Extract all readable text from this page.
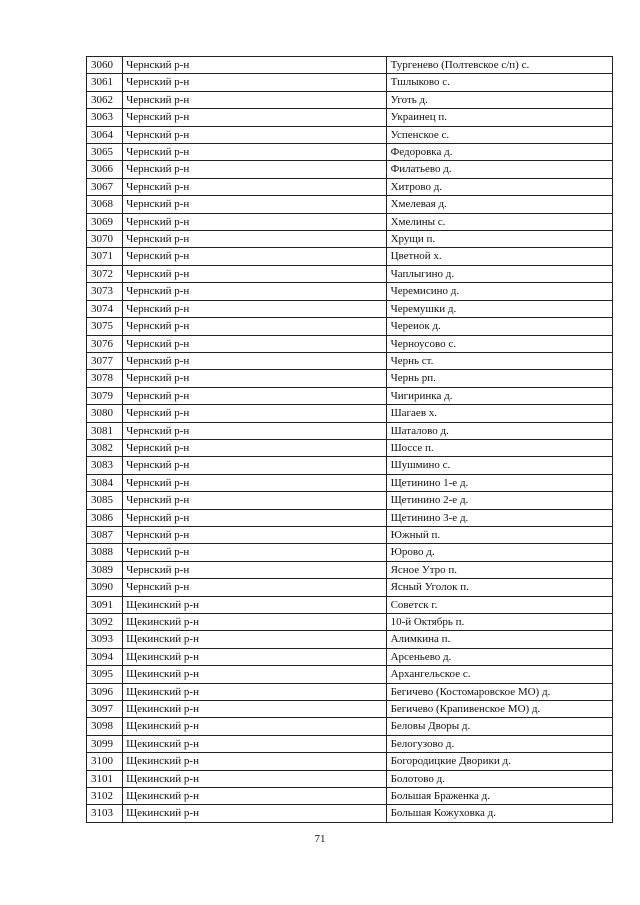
3060	Чернский р-н	Тургенево (Полтевское с/п) с.
3061	Чернский р-н	Тшлыково с.
3062	Чернский р-н	Уготь д.
3063	Чернский р-н	Украинец п.
3064	Чернский р-н	Успенское с.
3065	Чернский р-н	Федоровка д.
3066	Чернский р-н	Филатьево д.
3067	Чернский р-н	Хитрово д.
3068	Чернский р-н	Хмелевая д.
3069	Чернский р-н	Хмелины с.
3070	Чернский р-н	Хрущи п.
3071	Чернский р-н	Цветной х.
3072	Чернский р-н	Чаплыгино д.
3073	Чернский р-н	Черемисино д.
3074	Чернский р-н	Черемушки д.
3075	Чернский р-н	Череиок д.
3076	Чернский р-н	Черноусово с.
3077	Чернский р-н	Чернь ст.
3078	Чернский р-н	Чернь рп.
3079	Чернский р-н	Чигиринка д.
3080	Чернский р-н	Шагаев х.
3081	Чернский р-н	Шаталово д.
3082	Чернский р-н	Шоссе п.
3083	Чернский р-н	Шушмино с.
3084	Чернский р-н	Щетинино 1-е д.
3085	Чернский р-н	Щетинино 2-е д.
3086	Чернский р-н	Щетинино 3-е д.
3087	Чернский р-н	Южный п.
3088	Чернский р-н	Юрово д.
3089	Чернский р-н	Ясное Утро п.
3090	Чернский р-н	Ясный Уголок п.
3091	Щекинский р-н	Советск г.
3092	Щекинский р-н	10-й Октябрь п.
3093	Щекинский р-н	Алимкина п.
3094	Щекинский р-н	Арсеньево д.
3095	Щекинский р-н	Архангельское с.
3096	Щекинский р-н	Бегичево (Костомаровское МО) д.
3097	Щекинский р-н	Бегичево (Крапивенское МО) д.
3098	Щекинский р-н	Беловы Дворы д.
3099	Щекинский р-н	Белогузово д.
3100	Щекинский р-н	Богородицкие Дворики д.
3101	Щекинский р-н	Болотово д.
3102	Щекинский р-н	Большая Браженка д.
3103	Щекинский р-н	Большая Кожуховка д.
71
